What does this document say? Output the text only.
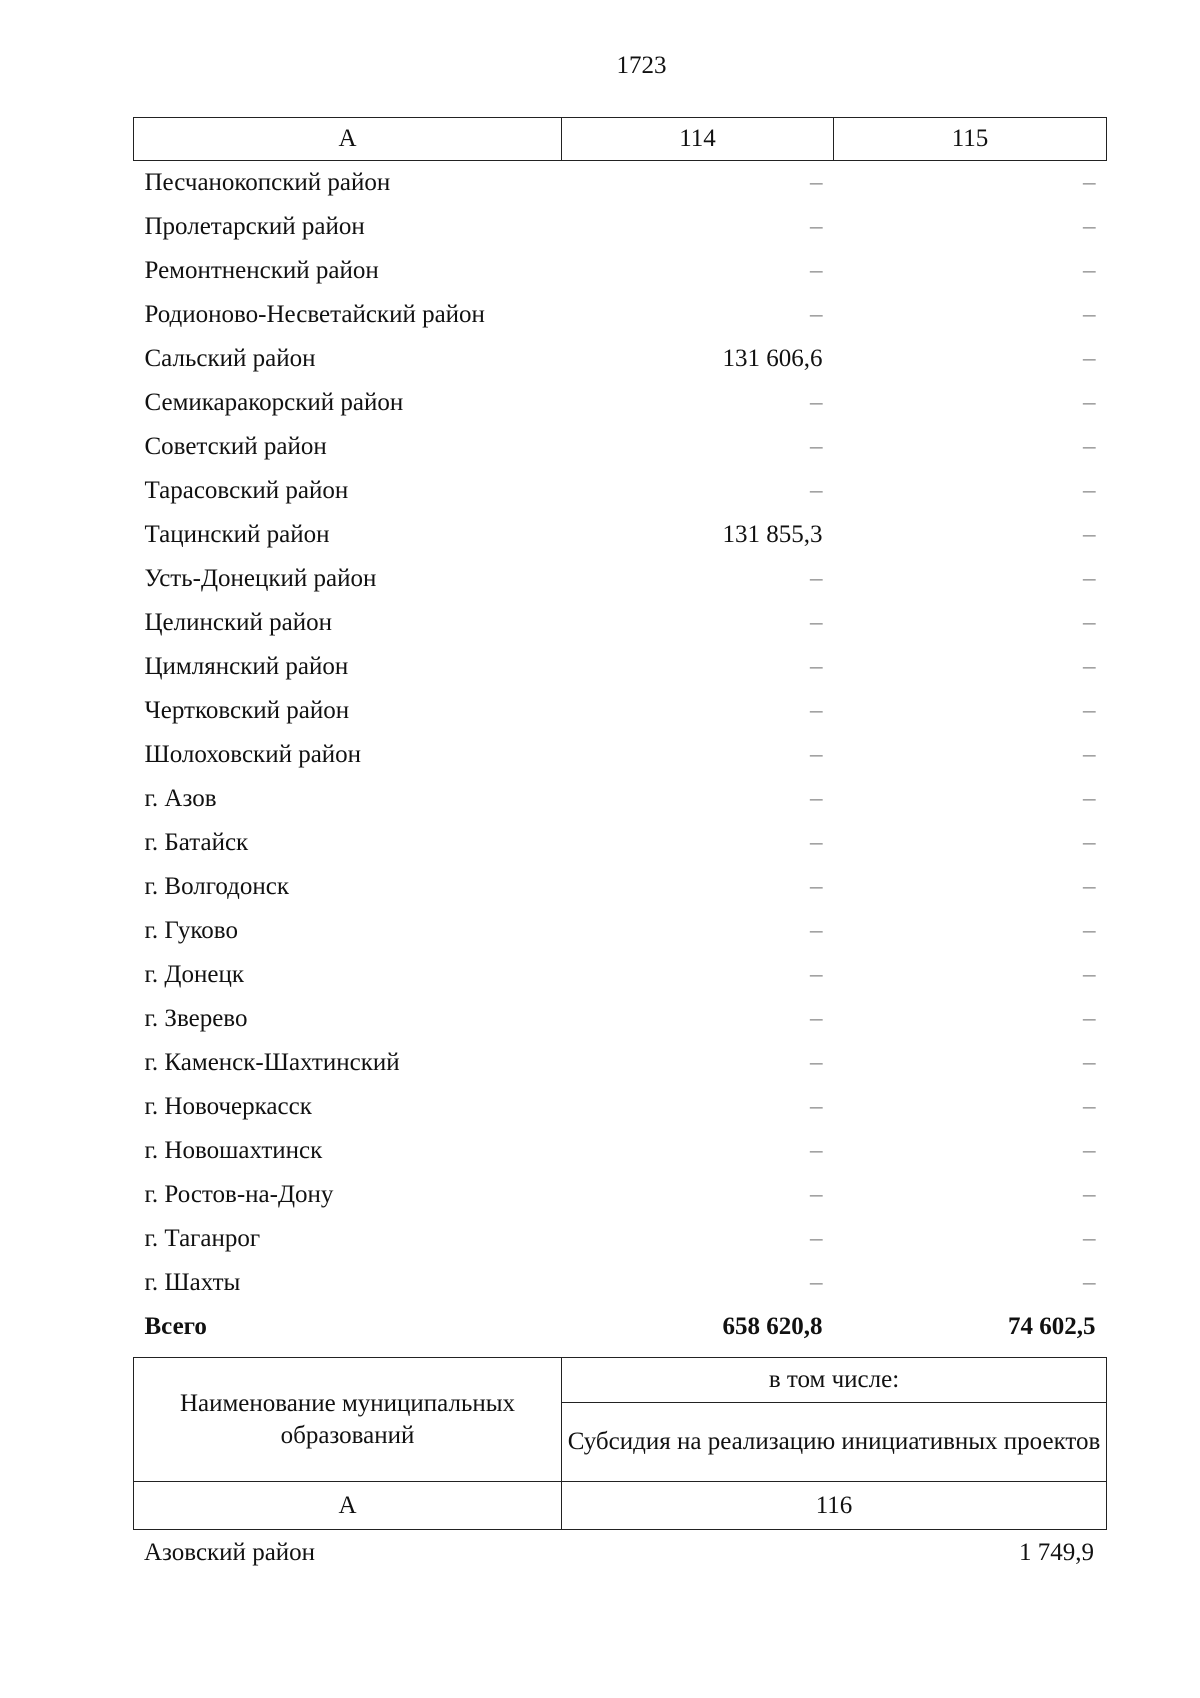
1723
А	114	115
Песчанокопский район	–	–
Пролетарский район	–	–
Ремонтненский район	–	–
Родионово-Несветайский район	–	–
Сальский район	131 606,6	–
Семикаракорский район	–	–
Советский район	–	–
Тарасовский район	–	–
Тацинский район	131 855,3	–
Усть-Донецкий район	–	–
Целинский район	–	–
Цимлянский район	–	–
Чертковский район	–	–
Шолоховский район	–	–
г. Азов	–	–
г. Батайск	–	–
г. Волгодонск	–	–
г. Гуково	–	–
г. Донецк	–	–
г. Зверево	–	–
г. Каменск-Шахтинский	–	–
г. Новочеркасск	–	–
г. Новошахтинск	–	–
г. Ростов-на-Дону	–	–
г. Таганрог	–	–
г. Шахты	–	–
Всего	658 620,8	74 602,5
Наименование муниципальных образований	в том числе:
	Субсидия на реализацию инициативных проектов
А	116
Азовский район	1 749,9
